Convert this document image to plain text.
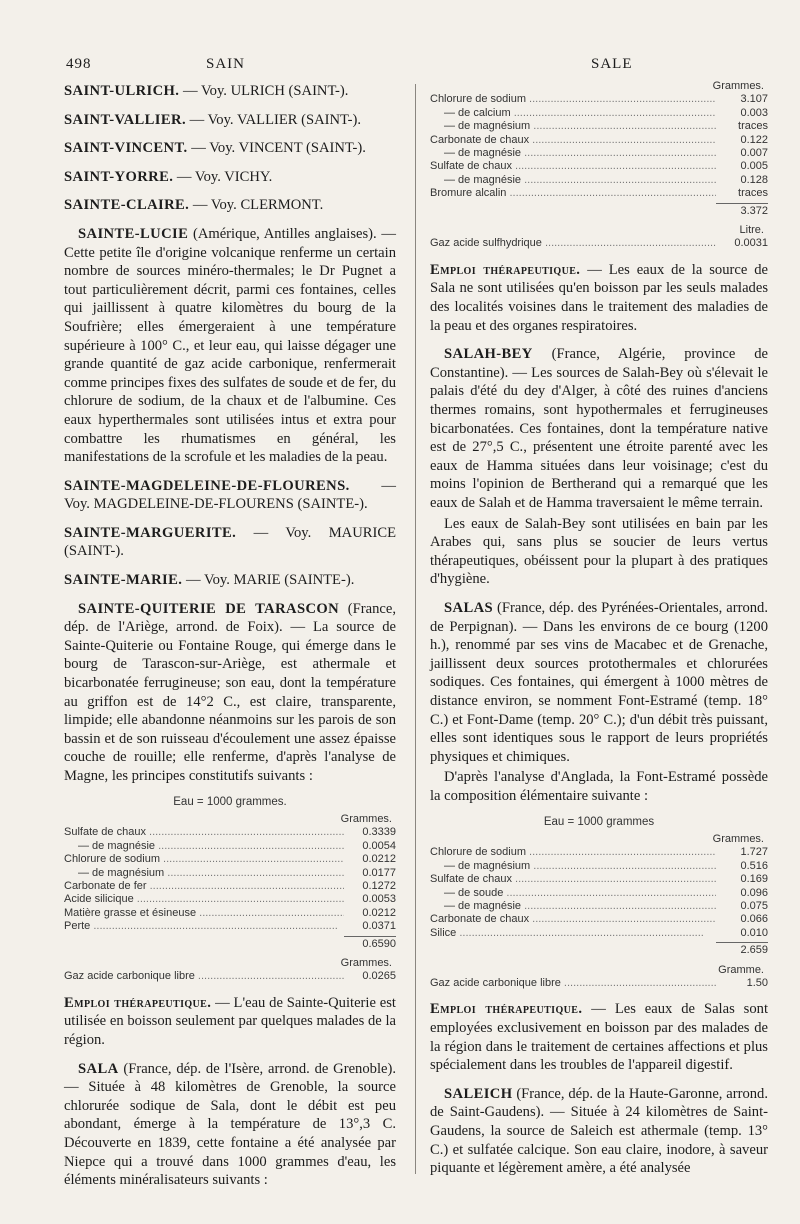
498	SAIN	SALE

SAINT-ULRICH. — Voy. ULRICH (SAINT-).

SAINT-VALLIER. — Voy. VALLIER (SAINT-).

SAINT-VINCENT. — Voy. VINCENT (SAINT-).

SAINT-YORRE. — Voy. VICHY.

SAINTE-CLAIRE. — Voy. CLERMONT.

SAINTE-LUCIE (Amérique, Antilles anglaises). — Cette petite île d'origine volcanique renferme un certain nombre de sources minéro-thermales; le Dr Pugnet a tout particulièrement décrit, parmi ces fontaines, celles qui jaillissent à quatre kilomètres du bourg de la Soufrière; elles émergeraient à une température supérieure à 100° C., et leur eau, qui laisse dégager une grande quantité de gaz acide carbonique, renfermerait comme principes fixes des sulfates de soude et de fer, du chlorure de sodium, de la chaux et de l'albumine. Ces eaux hyperthermales sont utilisées intus et extra pour combattre les rhumatismes en général, les manifestations de la scrofule et les maladies de la peau.

SAINTE-MAGDELEINE-DE-FLOURENS. — Voy. MAGDELEINE-DE-FLOURENS (SAINTE-).

SAINTE-MARGUERITE. — Voy. MAURICE (SAINT-).

SAINTE-MARIE. — Voy. MARIE (SAINTE-).

SAINTE-QUITERIE DE TARASCON (France, dép. de l'Ariège, arrond. de Foix). — La source de Sainte-Quiterie ou Fontaine Rouge, qui émerge dans le bourg de Tarascon-sur-Ariège, est athermale et bicarbonatée ferrugineuse; son eau, dont la température au griffon est de 14°2 C., est claire, transparente, limpide; elle abandonne néanmoins sur les parois de son bassin et de son ruisseau d'écoulement une assez épaisse couche de rouille; elle renferme, d'après l'analyse de Magne, les principes constitutifs suivants :

Eau = 1000 grammes.
Grammes.
Sulfate de chaux .....	0.3339
— de magnésie .....	0.0054
Chlorure de sodium .....	0.0212
— de magnésium .....	0.0177
Carbonate de fer .....	0.1272
Acide silicique .....	0.0053
Matière grasse et ésineuse .....	0.0212
Perte .....	0.0371
0.6590
Grammes.
Gaz acide carbonique libre .....	0.0265

Emploi thérapeutique. — L'eau de Sainte-Quiterie est utilisée en boisson seulement par quelques malades de la région.

SALA (France, dép. de l'Isère, arrond. de Grenoble). — Située à 48 kilomètres de Grenoble, la source chlorurée sodique de Sala, dont le débit est peu abondant, émerge à la température de 13°,3 C. Découverte en 1839, cette fontaine a été analysée par Niepce qui a trouvé dans 1000 grammes d'eau, les éléments minéralisateurs suivants :

Grammes.
Chlorure de sodium .....	3.107
— de calcium .....	0.003
— de magnésium .....	traces
Carbonate de chaux .....	0.122
— de magnésie .....	0.007
Sulfate de chaux .....	0.005
— de magnésie .....	0.128
Bromure alcalin .....	traces
3.372
Litre.
Gaz acide sulfhydrique .....	0.0031

Emploi thérapeutique. — Les eaux de la source de Sala ne sont utilisées qu'en boisson par les seuls malades des localités voisines dans le traitement des maladies de la peau et des organes respiratoires.

SALAH-BEY (France, Algérie, province de Constantine). — Les sources de Salah-Bey où s'élevait le palais d'été du dey d'Alger, à côté des ruines d'anciens thermes romains, sont hypothermales et ferrugineuses bicarbonatées. Ces fontaines, dont la température native est de 27°,5 C., présentent une étroite parenté avec les eaux de Hamma situées dans leur voisinage; c'est du moins l'opinion de Bertherand qui a remarqué que les eaux de Salah et de Hamma traversaient le même terrain.

Les eaux de Salah-Bey sont utilisées en bain par les Arabes qui, sans plus se soucier de leurs vertus thérapeutiques, obéissent pour la plupart à des pratiques d'hygiène.

SALAS (France, dép. des Pyrénées-Orientales, arrond. de Perpignan). — Dans les environs de ce bourg (1200 h.), renommé par ses vins de Macabec et de Grenache, jaillissent deux sources protothermales et chlorurées sodiques. Ces fontaines, qui émergent à 1000 mètres de distance environ, se nomment Font-Estramé (temp. 18° C.) et Font-Dame (temp. 20° C.); d'un débit très puissant, elles sont identiques sous le rapport de leurs propriétés physiques et chimiques.

D'après l'analyse d'Anglada, la Font-Estramé possède la composition élémentaire suivante :

Eau = 1000 grammes
Grammes.
Chlorure de sodium .....	1.727
— de magnésium .....	0.516
Sulfate de chaux .....	0.169
— de soude .....	0.096
— de magnésie .....	0.075
Carbonate de chaux .....	0.066
Silice .....	0.010
2.659
Gramme.
Gaz acide carbonique libre .....	1.50

Emploi thérapeutique. — Les eaux de Salas sont employées exclusivement en boisson par des malades de la région dans le traitement de certaines affections et plus spécialement dans les troubles de l'appareil digestif.

SALEICH (France, dép. de la Haute-Garonne, arrond. de Saint-Gaudens). — Située à 24 kilomètres de Saint-Gaudens, la source de Saleich est athermale (temp. 13° C.) et sulfatée calcique. Son eau claire, inodore, à saveur piquante et légèrement amère, a été analysée
